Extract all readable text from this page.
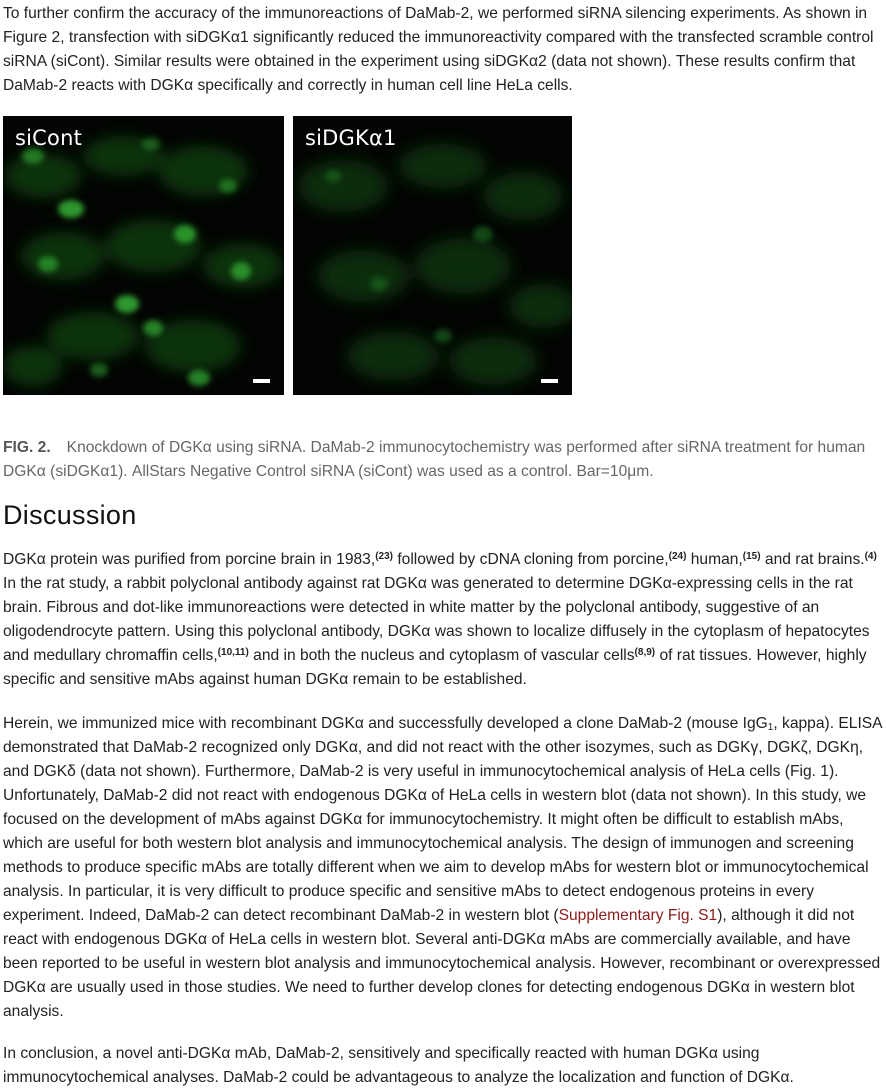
To further confirm the accuracy of the immunoreactions of DaMab-2, we performed siRNA silencing experiments. As shown in Figure 2, transfection with siDGKα1 significantly reduced the immunoreactivity compared with the transfected scramble control siRNA (siCont). Similar results were obtained in the experiment using siDGKα2 (data not shown). These results confirm that DaMab-2 reacts with DGKα specifically and correctly in human cell line HeLa cells.

siCont	siDGKα1

FIG. 2. Knockdown of DGKα using siRNA. DaMab-2 immunocytochemistry was performed after siRNA treatment for human DGKα (siDGKα1). AllStars Negative Control siRNA (siCont) was used as a control. Bar=10μm.

Discussion

DGKα protein was purified from porcine brain in 1983,$^{(23)}$ followed by cDNA cloning from porcine,$^{(24)}$ human,$^{(15)}$ and rat brains.$^{(4)}$ In the rat study, a rabbit polyclonal antibody against rat DGKα was generated to determine DGKα-expressing cells in the rat brain. Fibrous and dot-like immunoreactions were detected in white matter by the polyclonal antibody, suggestive of an oligodendrocyte pattern. Using this polyclonal antibody, DGKα was shown to localize diffusely in the cytoplasm of hepatocytes and medullary chromaffin cells,$^{(10,11)}$ and in both the nucleus and cytoplasm of vascular cells$^{(8,9)}$ of rat tissues. However, highly specific and sensitive mAbs against human DGKα remain to be established.

Herein, we immunized mice with recombinant DGKα and successfully developed a clone DaMab-2 (mouse IgG$_1$, kappa). ELISA demonstrated that DaMab-2 recognized only DGKα, and did not react with the other isozymes, such as DGKγ, DGKζ, DGKη, and DGKδ (data not shown). Furthermore, DaMab-2 is very useful in immunocytochemical analysis of HeLa cells (Fig. 1). Unfortunately, DaMab-2 did not react with endogenous DGKα of HeLa cells in western blot (data not shown). In this study, we focused on the development of mAbs against DGKα for immunocytochemistry. It might often be difficult to establish mAbs, which are useful for both western blot analysis and immunocytochemical analysis. The design of immunogen and screening methods to produce specific mAbs are totally different when we aim to develop mAbs for western blot or immunocytochemical analysis. In particular, it is very difficult to produce specific and sensitive mAbs to detect endogenous proteins in every experiment. Indeed, DaMab-2 can detect recombinant DaMab-2 in western blot (Supplementary Fig. S1), although it did not react with endogenous DGKα of HeLa cells in western blot. Several anti-DGKα mAbs are commercially available, and have been reported to be useful in western blot analysis and immunocytochemical analysis. However, recombinant or overexpressed DGKα are usually used in those studies. We need to further develop clones for detecting endogenous DGKα in western blot analysis.

In conclusion, a novel anti-DGKα mAb, DaMab-2, sensitively and specifically reacted with human DGKα using immunocytochemical analyses. DaMab-2 could be advantageous to analyze the localization and function of DGKα.
